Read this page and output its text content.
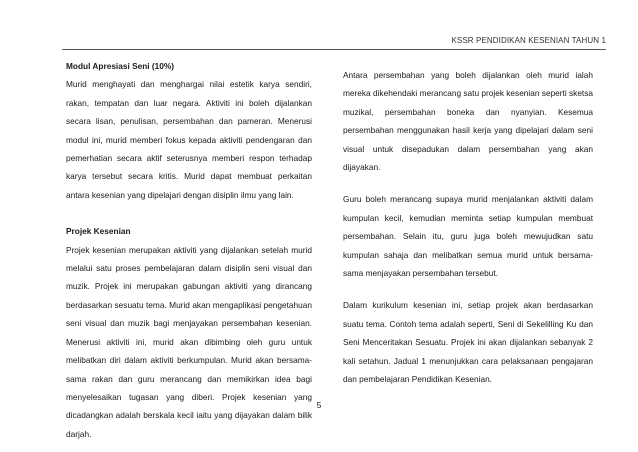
KSSR PENDIDIKAN KESENIAN TAHUN 1
Modul Apresiasi Seni (10%)

Murid menghayati dan menghargai nilai estetik karya sendiri, rakan, tempatan dan luar negara. Aktiviti ini boleh dijalankan secara lisan, penulisan, persembahan dan pameran. Menerusi modul ini, murid memberi fokus kepada aktiviti pendengaran dan pemerhatian secara aktif seterusnya memberi respon terhadap karya tersebut secara kritis. Murid dapat membuat perkaitan antara kesenian yang dipelajari dengan disiplin ilmu yang lain.

Projek Kesenian

Projek kesenian merupakan aktiviti yang dijalankan setelah murid melalui satu proses pembelajaran dalam disiplin seni visual dan muzik. Projek ini merupakan gabungan aktiviti yang dirancang berdasarkan sesuatu tema. Murid akan mengaplikasi pengetahuan seni visual dan muzik bagi menjayakan persembahan kesenian. Menerusi aktiviti ini, murid akan dibimbing oleh guru untuk melibatkan diri dalam aktiviti berkumpulan. Murid akan bersama-sama rakan dan guru merancang dan memikirkan idea bagi menyelesaikan tugasan yang diberi. Projek kesenian yang dicadangkan adalah berskala kecil iaitu yang dijayakan dalam bilik darjah.

Antara persembahan yang boleh dijalankan oleh murid ialah mereka dikehendaki merancang satu projek kesenian seperti sketsa muzikal, persembahan boneka dan nyanyian. Kesemua persembahan menggunakan hasil kerja yang dipelajari dalam seni visual untuk disepadukan dalam persembahan yang akan dijayakan.

Guru boleh merancang supaya murid menjalankan aktiviti dalam kumpulan kecil, kemudian meminta setiap kumpulan membuat persembahan. Selain itu, guru juga boleh mewujudkan satu kumpulan sahaja dan melibatkan semua murid untuk bersama-sama menjayakan persembahan tersebut.

Dalam kurikulum kesenian ini, setiap projek akan berdasarkan suatu tema. Contoh tema adalah seperti, Seni di Sekelilling Ku dan Seni Menceritakan Sesuatu. Projek ini akan dijalankan sebanyak 2 kali setahun. Jadual 1 menunjukkan cara pelaksanaan pengajaran dan pembelajaran Pendidikan Kesenian.

5
